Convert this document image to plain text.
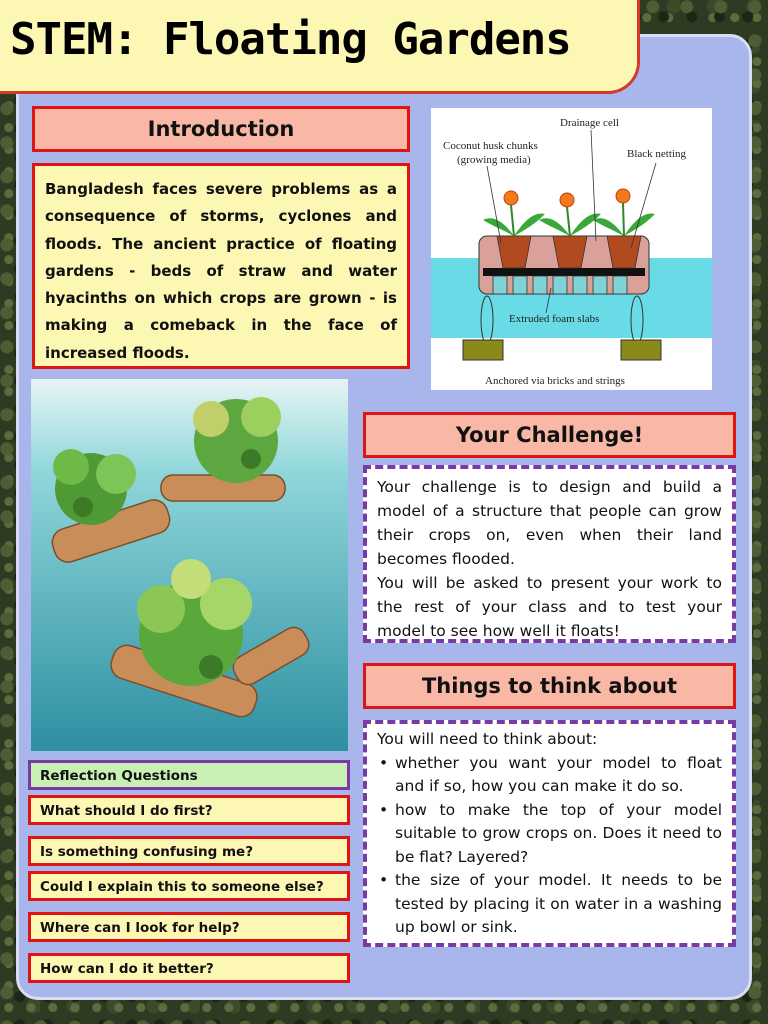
STEM: Floating Gardens
Introduction
Bangladesh faces severe problems as a consequence of storms, cyclones and floods. The ancient practice of floating gardens - beds of straw and water hyacinths on which crops are grown - is making a comeback in the face of increased floods.
Drainage cell
Coconut husk chunks
(growing media)	Black netting
Extruded foam slabs
Anchored via bricks and strings
Your Challenge!
Your challenge is to design and build a model of a structure that people can grow their crops on, even when their land becomes flooded.
You will be asked to present your work to the rest of your class and to test your model to see how well it floats!
Things to think about
You will need to think about:
• whether you want your model to float and if so, how you can make it do so.
• how to make the top of your model suitable to grow crops on. Does it need to be flat? Layered?
• the size of your model. It needs to be tested by placing it on water in a washing up bowl or sink.
Reflection Questions
What should I do first?
Is something confusing me?
Could I explain this to someone else?
Where can I look for help?
How can I do it better?
